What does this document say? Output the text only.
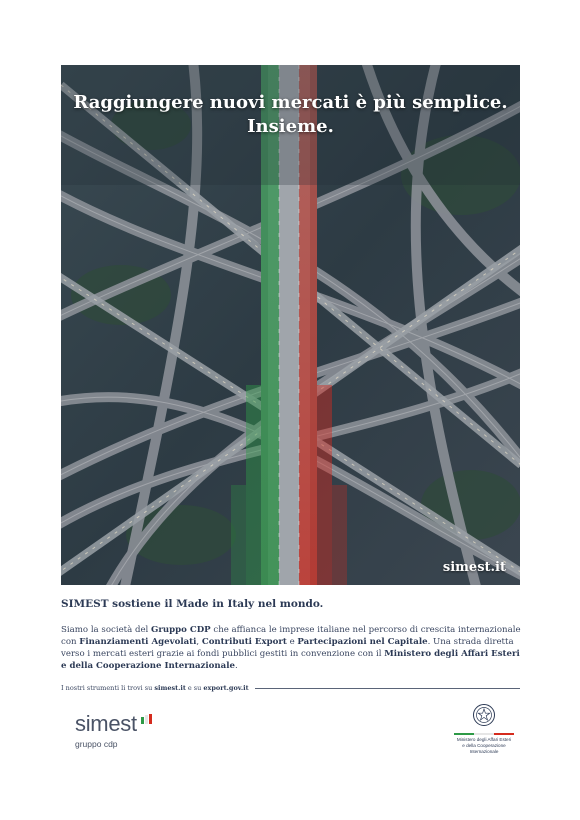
Raggiungere nuovi mercati è più semplice.
Insieme.
simest.it
SIMEST sostiene il Made in Italy nel mondo.
Siamo la società del Gruppo CDP che affianca le imprese italiane nel percorso di crescita internazionale con Finanziamenti Agevolati, Contributi Export e Partecipazioni nel Capitale. Una strada diretta verso i mercati esteri grazie ai fondi pubblici gestiti in convenzione con il Ministero degli Affari Esteri e della Cooperazione Internazionale.
I nostri strumenti li trovi su simest.it e su export.gov.it
simest
gruppo cdp	Ministero degli Affari Esteri
e della Cooperazione Internazionale
